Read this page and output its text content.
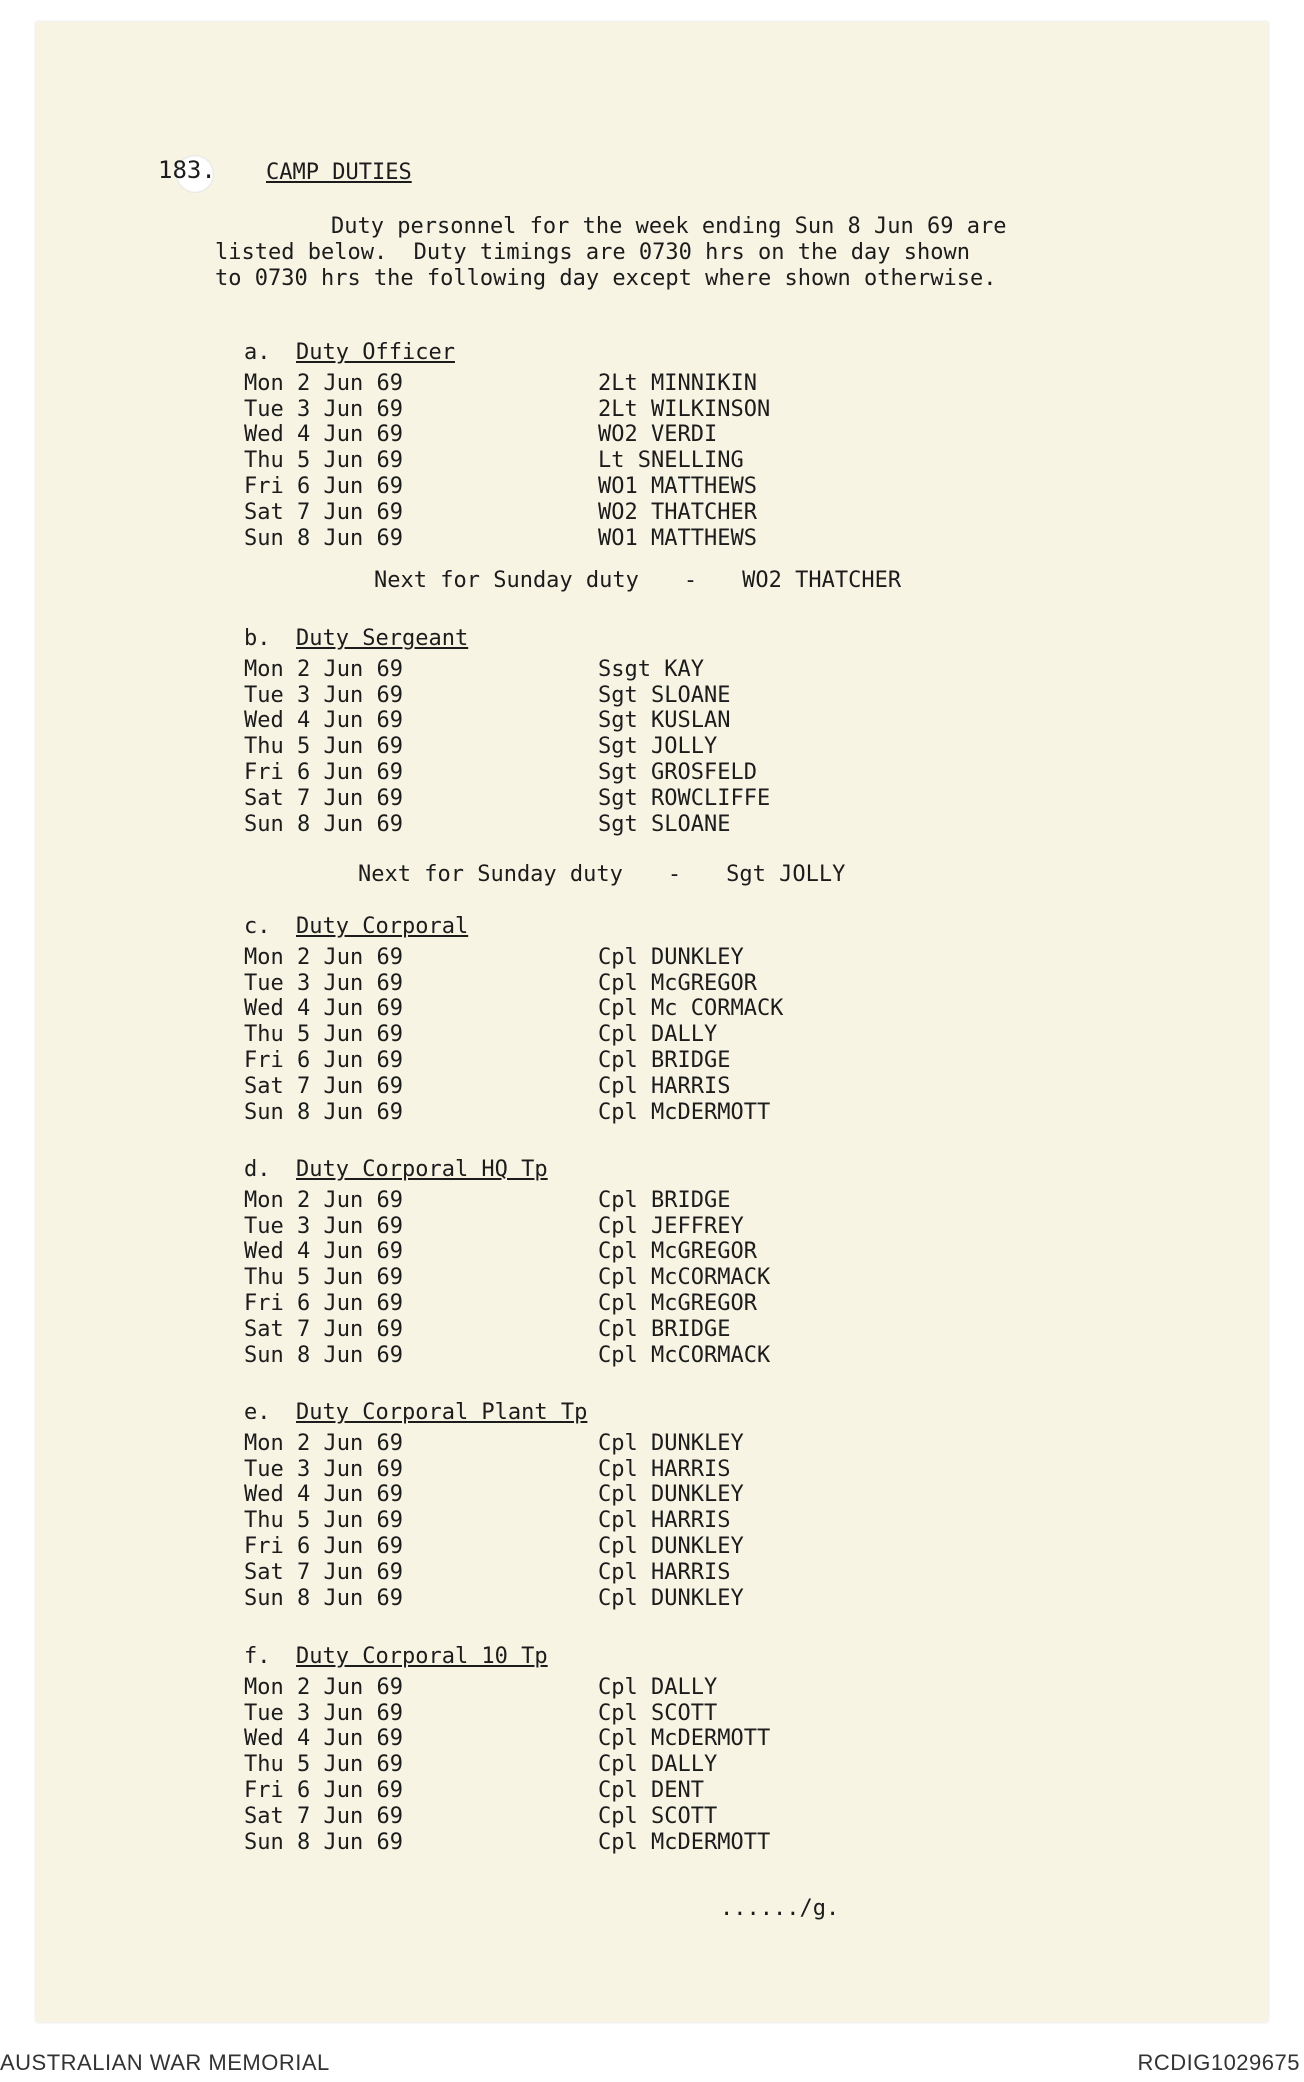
183. CAMP DUTIES
Duty personnel for the week ending Sun 8 Jun 69 are
listed below.  Duty timings are 0730 hrs on the day shown
to 0730 hrs the following day except where shown otherwise.
a. Duty Officer
Mon 2 Jun 69	2Lt MINNIKIN
Tue 3 Jun 69	2Lt WILKINSON
Wed 4 Jun 69	WO2 VERDI
Thu 5 Jun 69	Lt SNELLING
Fri 6 Jun 69	WO1 MATTHEWS
Sat 7 Jun 69	WO2 THATCHER
Sun 8 Jun 69	WO1 MATTHEWS
b. Duty Sergeant
Mon 2 Jun 69	Ssgt KAY
Tue 3 Jun 69	Sgt SLOANE
Wed 4 Jun 69	Sgt KUSLAN
Thu 5 Jun 69	Sgt JOLLY
Fri 6 Jun 69	Sgt GROSFELD
Sat 7 Jun 69	Sgt ROWCLIFFE
Sun 8 Jun 69	Sgt SLOANE
c. Duty Corporal
Mon 2 Jun 69	Cpl DUNKLEY
Tue 3 Jun 69	Cpl McGREGOR
Wed 4 Jun 69	Cpl Mc CORMACK
Thu 5 Jun 69	Cpl DALLY
Fri 6 Jun 69	Cpl BRIDGE
Sat 7 Jun 69	Cpl HARRIS
Sun 8 Jun 69	Cpl McDERMOTT
d. Duty Corporal HQ Tp
Mon 2 Jun 69	Cpl BRIDGE
Tue 3 Jun 69	Cpl JEFFREY
Wed 4 Jun 69	Cpl McGREGOR
Thu 5 Jun 69	Cpl McCORMACK
Fri 6 Jun 69	Cpl McGREGOR
Sat 7 Jun 69	Cpl BRIDGE
Sun 8 Jun 69	Cpl McCORMACK
e. Duty Corporal Plant Tp
Mon 2 Jun 69	Cpl DUNKLEY
Tue 3 Jun 69	Cpl HARRIS
Wed 4 Jun 69	Cpl DUNKLEY
Thu 5 Jun 69	Cpl HARRIS
Fri 6 Jun 69	Cpl DUNKLEY
Sat 7 Jun 69	Cpl HARRIS
Sun 8 Jun 69	Cpl DUNKLEY
f. Duty Corporal 10 Tp
Mon 2 Jun 69	Cpl DALLY
Tue 3 Jun 69	Cpl SCOTT
Wed 4 Jun 69	Cpl McDERMOTT
Thu 5 Jun 69	Cpl DALLY
Fri 6 Jun 69	Cpl DENT
Sat 7 Jun 69	Cpl SCOTT
Sun 8 Jun 69	Cpl McDERMOTT
....../g.
Next for Sunday duty - WO2 THATCHER
Next for Sunday duty - Sgt JOLLY
AUSTRALIAN WAR MEMORIAL	RCDIG1029675
